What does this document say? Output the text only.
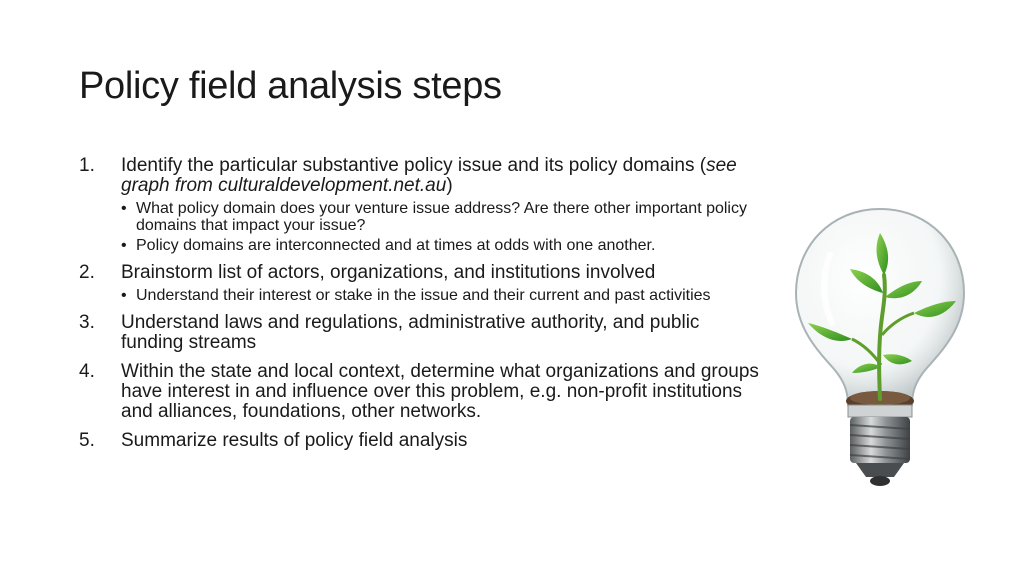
Policy field analysis steps
1. Identify the particular substantive policy issue and its policy domains (see graph from culturaldevelopment.net.au)
• What policy domain does your venture issue address? Are there other important policy domains that impact your issue?
• Policy domains are interconnected and at times at odds with one another.
2. Brainstorm list of actors, organizations, and institutions involved
• Understand their interest or stake in the issue and their current and past activities
3. Understand laws and regulations, administrative authority, and public funding streams
4. Within the state and local context, determine what organizations and groups have interest in and influence over this problem, e.g. non-profit institutions and alliances, foundations, other networks.
5. Summarize results of policy field analysis
